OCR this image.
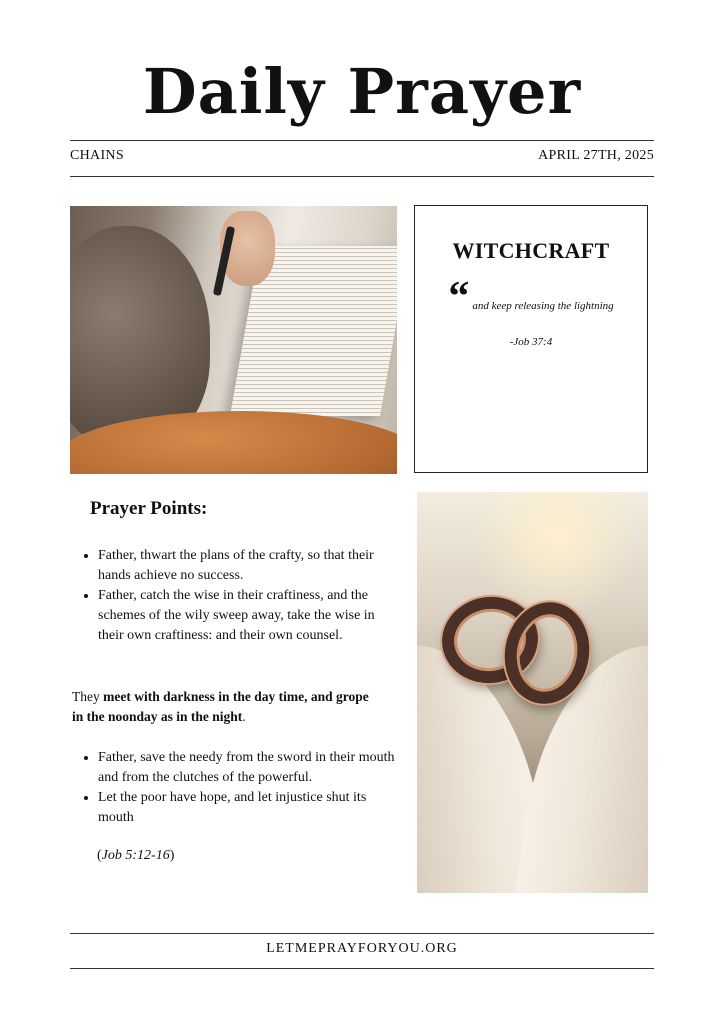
Daily Prayer
CHAINS	APRIL 27TH, 2025
WITCHCRAFT
“ and keep releasing the lightning
-Job 37:4
Prayer Points:
• Father, thwart the plans of the crafty, so that their hands achieve no success.
• Father, catch the wise in their craftiness, and the schemes of the wily sweep away, take the wise in their own craftiness: and their own counsel.
They meet with darkness in the day time, and grope in the noonday as in the night.
• Father, save the needy from the sword in their mouth and from the clutches of the powerful.
• Let the poor have hope, and let injustice shut its mouth
(Job 5:12-16)
LETMEPRAYFORYOU.ORG
